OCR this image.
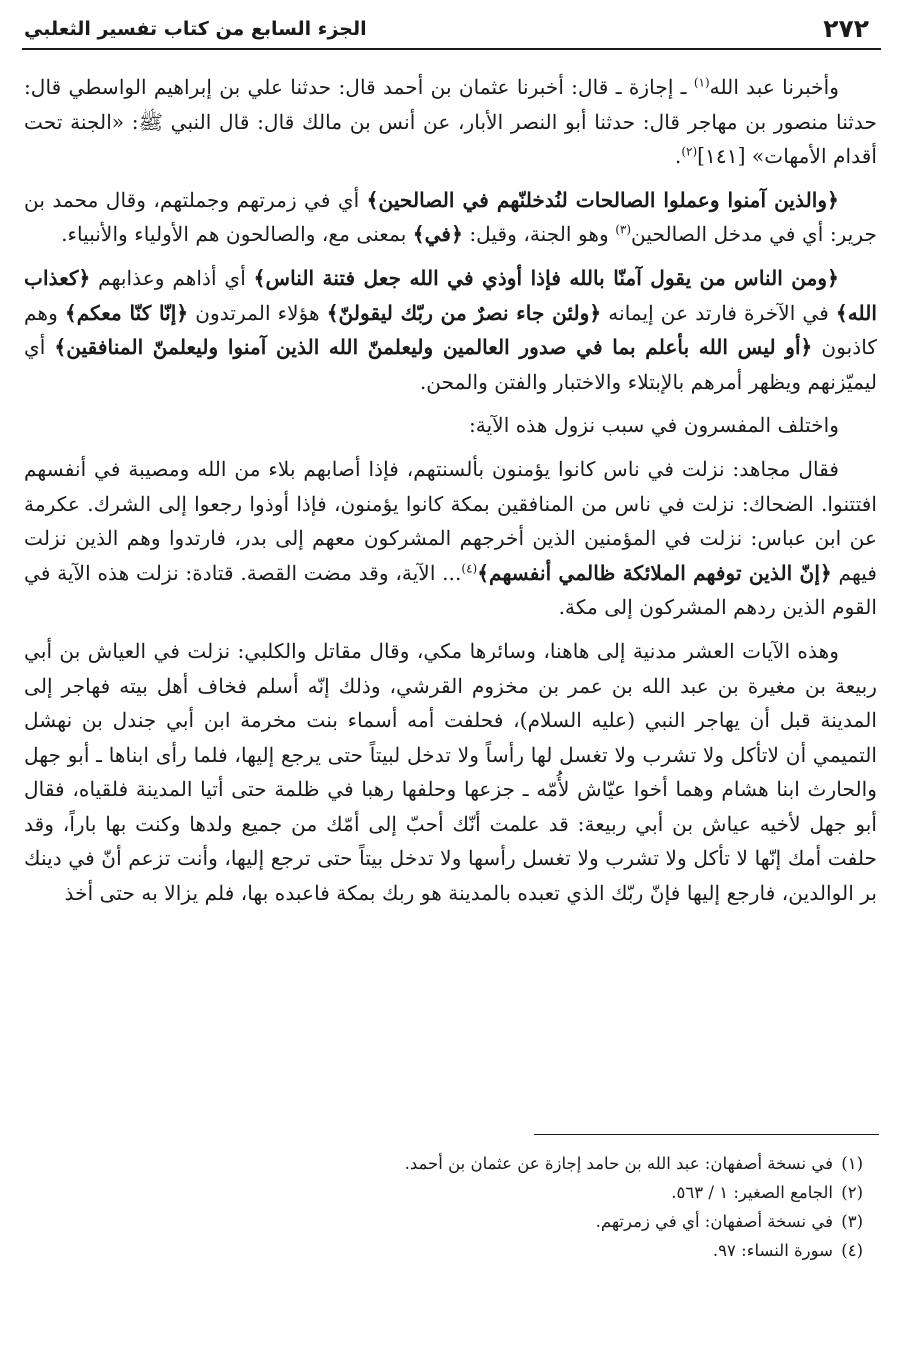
٢٧٢
الجزء السابع من كتاب تفسير الثعلبي

وأخبرنا عبد الله$^{(١)}$ ـ إجازة ـ قال: أخبرنا عثمان بن أحمد قال: حدثنا علي بن إبراهيم الواسطي قال: حدثنا منصور بن مهاجر قال: حدثنا أبو النصر الأبار، عن أنس بن مالك قال: قال النبي ﷺ: «الجنة تحت أقدام الأمهات» [١٤١]$^{(٢)}$.

﴿والذين آمنوا وعملوا الصالحات لنُدخلنّهم في الصالحين﴾ أي في زمرتهم وجملتهم، وقال محمد بن جرير: أي في مدخل الصالحين$^{(٣)}$ وهو الجنة، وقيل: ﴿في﴾ بمعنى مع، والصالحون هم الأولياء والأنبياء.

﴿ومن الناس من يقول آمنّا بالله فإذا أوذي في الله جعل فتنة الناس﴾ أي أذاهم وعذابهم ﴿كعذاب الله﴾ في الآخرة فارتد عن إيمانه ﴿ولئن جاء نصرٌ من ربّك ليقولنّ﴾ هؤلاء المرتدون ﴿إنّا كنّا معكم﴾ وهم كاذبون ﴿أو ليس الله بأعلم بما في صدور العالمين وليعلمنّ الله الذين آمنوا وليعلمنّ المنافقين﴾ أي ليميّزنهم ويظهر أمرهم بالإبتلاء والاختبار والفتن والمحن.

واختلف المفسرون في سبب نزول هذه الآية:

فقال مجاهد: نزلت في ناس كانوا يؤمنون بألسنتهم، فإذا أصابهم بلاء من الله ومصيبة في أنفسهم افتتنوا. الضحاك: نزلت في ناس من المنافقين بمكة كانوا يؤمنون، فإذا أوذوا رجعوا إلى الشرك. عكرمة عن ابن عباس: نزلت في المؤمنين الذين أخرجهم المشركون معهم إلى بدر، فارتدوا وهم الذين نزلت فيهم ﴿إنّ الذين توفهم الملائكة ظالمي أنفسهم﴾$^{(٤)}$... الآية، وقد مضت القصة. قتادة: نزلت هذه الآية في القوم الذين ردهم المشركون إلى مكة.

وهذه الآيات العشر مدنية إلى هاهنا، وسائرها مكي، وقال مقاتل والكلبي: نزلت في العياش بن أبي ربيعة بن مغيرة بن عبد الله بن عمر بن مخزوم القرشي، وذلك إنّه أسلم فخاف أهل بيته فهاجر إلى المدينة قبل أن يهاجر النبي (عليه السلام)، فحلفت أمه أسماء بنت مخرمة ابن أبي جندل بن نهشل التميمي أن لاتأكل ولا تشرب ولا تغسل لها رأساً ولا تدخل لبيتاً حتى يرجع إليها، فلما رأى ابناها ـ أبو جهل والحارث ابنا هشام وهما أخوا عيّاش لأُمّه ـ جزعها وحلفها رهبا في ظلمة حتى أتيا المدينة فلقياه، فقال أبو جهل لأخيه عياش بن أبي ربيعة: قد علمت أنّك أحبّ إلى أمّك من جميع ولدها وكنت بها باراً، وقد حلفت أمك إنّها لا تأكل ولا تشرب ولا تغسل رأسها ولا تدخل بيتاً حتى ترجع إليها، وأنت تزعم أنّ في دينك بر الوالدين، فارجع إليها فإنّ ربّك الذي تعبده بالمدينة هو ربك بمكة فاعبده بها، فلم يزالا به حتى أخذ

(١)في نسخة أصفهان: عبد الله بن حامد إجازة عن عثمان بن أحمد.
(٢)الجامع الصغير: ١ / ٥٦٣.
(٣)في نسخة أصفهان: أي في زمرتهم.
(٤)سورة النساء: ٩٧.
